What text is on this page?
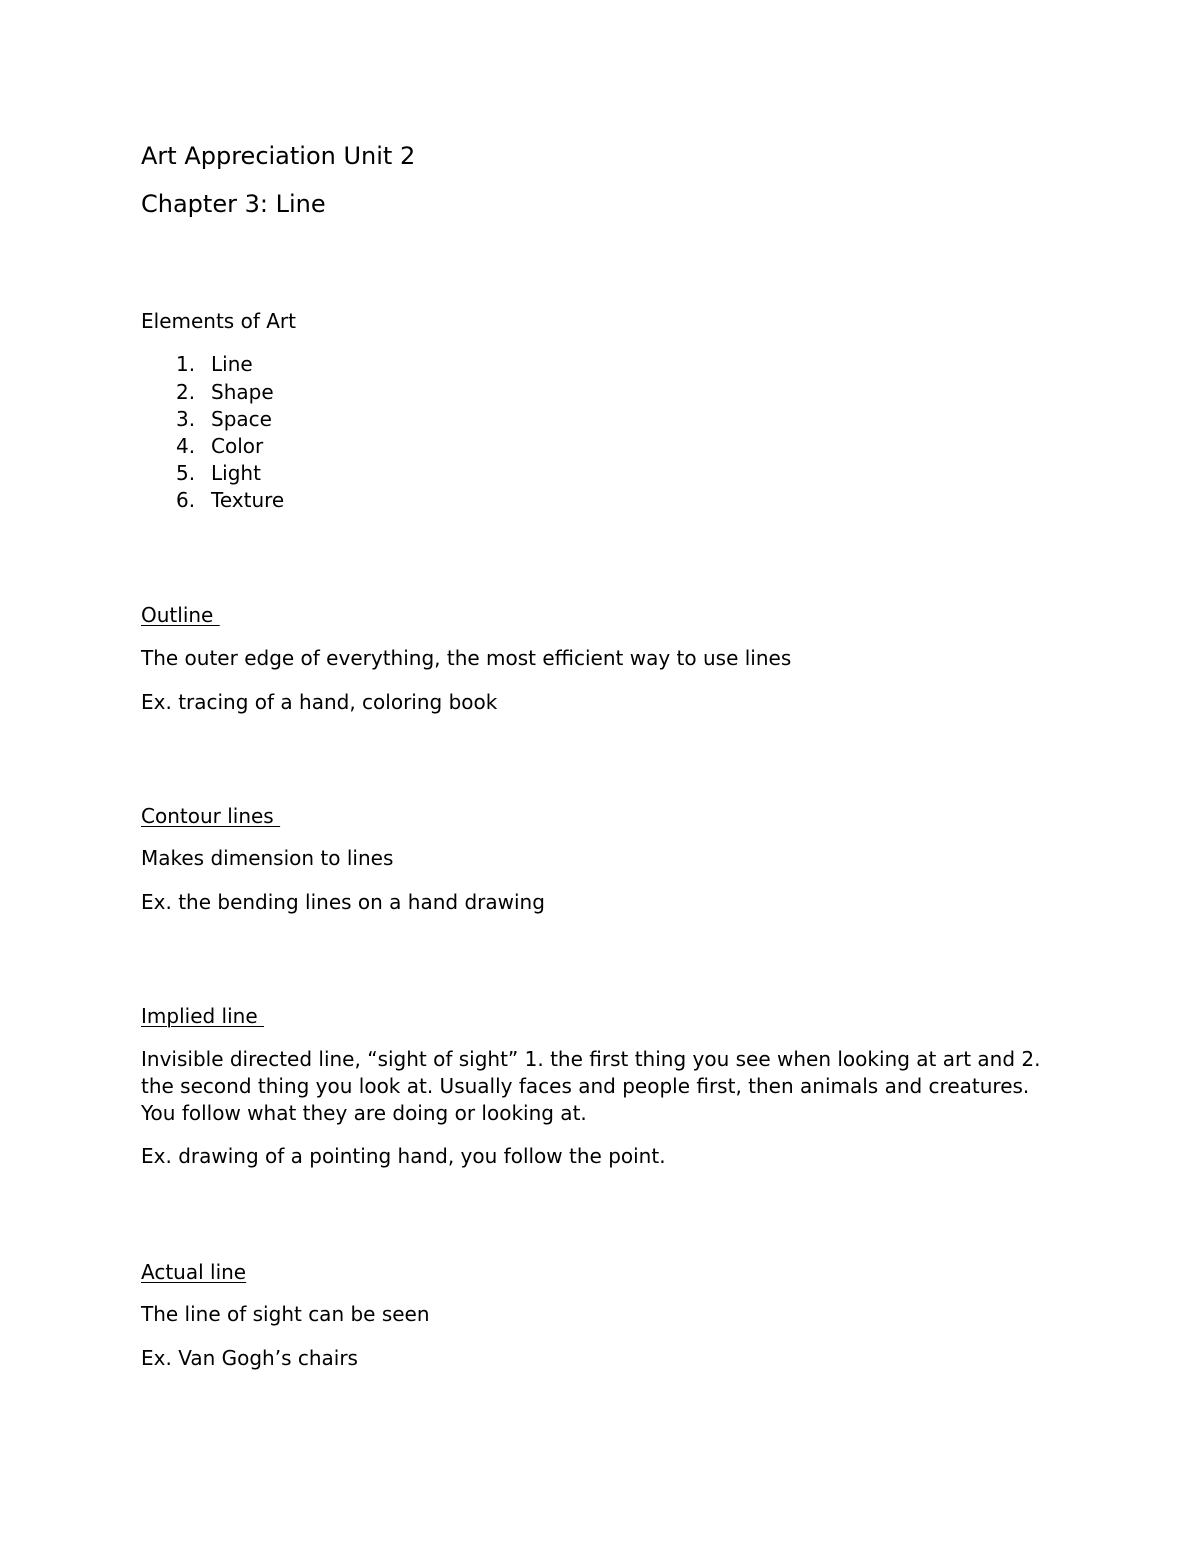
Art Appreciation Unit 2
Chapter 3: Line
Elements of Art
1. Line
2. Shape
3. Space
4. Color
5. Light
6. Texture
Outline
The outer edge of everything, the most efficient way to use lines
Ex. tracing of a hand, coloring book
Contour lines
Makes dimension to lines
Ex. the bending lines on a hand drawing
Implied line
Invisible directed line, “sight of sight” 1. the first thing you see when looking at art and 2. the second thing you look at. Usually faces and people first, then animals and creatures. You follow what they are doing or looking at.
Ex. drawing of a pointing hand, you follow the point.
Actual line
The line of sight can be seen
Ex. Van Gogh’s chairs
